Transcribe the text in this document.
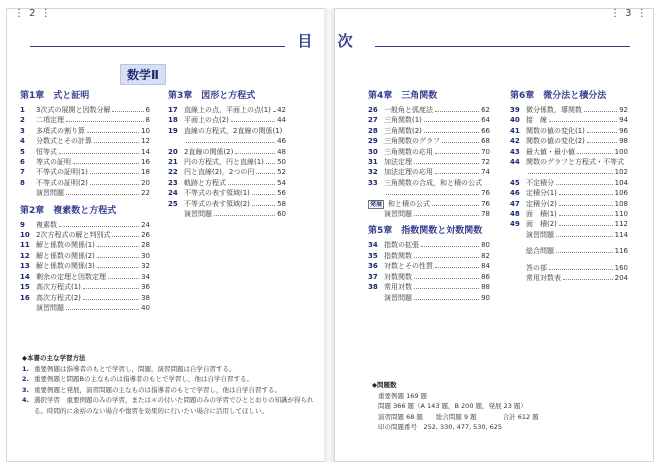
⋮ 2 ⋮	⋮ 3 ⋮
目 次
数学Ⅱ
第1章　式と証明
1	3次式の展開と因数分解	6
2	二項定理	8
3	多項式の割り算	10
4	分数式とその計算	12
5	恒等式	14
6	等式の証明	16
7	不等式の証明(1)	18
8	不等式の証明(2)	20
演習問題	22
第2章　複素数と方程式
9	複素数	24
10 2次方程式の解と判別式	26
11 解と係数の関係(1)	28
12 解と係数の関係(2)	30
13 解と係数の関係(3)	32
14 剰余の定理と因数定理	34
15 高次方程式(1)	36
16 高次方程式(2)	38
演習問題	40
第3章　図形と方程式
17 直線上の点，平面上の点(1) 42
18 平面上の点(2)	44
19 直線の方程式，2直線の関係(1)
46
20 2直線の関係(2)	48
21 円の方程式，円と直線(1) 50
22 円と直線(2)，2つの円	52
23 軌跡と方程式	54
24 不等式の表す領域(1)	56
25 不等式の表す領域(2)	58
演習問題	60
第4章　三角関数
26 一般角と弧度法	62
27 三角関数(1)	64
28 三角関数(2)	66
29 三角関数のグラフ	68
30 三角関数の応用	70
31 加法定理	72
32 加法定理の応用	74
33 三角関数の合成，和と積の公式
76
発展 和と積の公式	76
演習問題	78
第5章　指数関数と対数関数
34 指数の拡張	80
35 指数関数	82
36 対数とその性質	84
37 対数関数	86
38 常用対数	88
演習問題	90
第6章　微分法と積分法
39 微分係数，導関数	92
40 接　線	94
41 関数の値の変化(1)	96
42 関数の値の変化(2)	98
43 最大値・最小値	100
44 関数のグラフと方程式・不等式
102
45 不定積分	104
46 定積分(1)	106
47 定積分(2)	108
48 面　積(1)	110
49 面　積(2)	112
演習問題	114
総合問題	116
答の部	160
常用対数表	204
◆本書の主な学習方法
1. 重要例題は指導者のもとで学習し，問題，演習問題は自学自習する。
2. 重要例題と問題Bの主なものは指導者のもとで学習し，他は自学自習する。
3. 重要例題と発展，演習問題の主なものは指導者のもとで学習し，他は自学自習する。
4. 選択学習　重要例題のみの学習，または＊の付いた問題のみの学習でひととおりの知識が得られる。時間的に余裕のない場合や復習を効果的に行いたい場合に活用してほしい。
◆問題数
重要例題 169 題
問題 366 題（A 143 題，B 200 題，発展 23 題）
演習問題 68 題　　総合問題 9 題　　　　合計 612 題
印の問題番号　252, 330, 477, 530, 625
